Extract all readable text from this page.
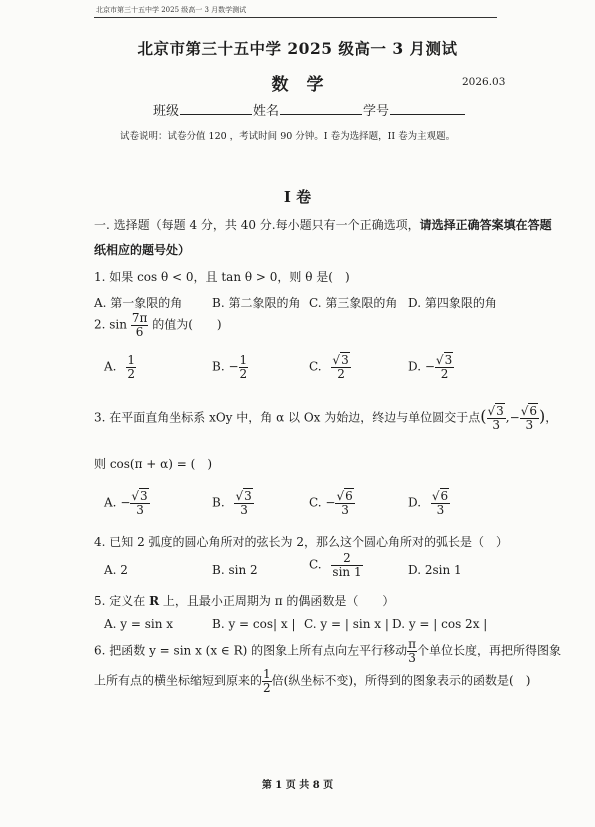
北京市第三十五中学 2025 级高一 3 月数学测试
北京市第三十五中学 2025 级高一 3 月测试
数学	2026.03
班级	姓名	学号
试卷说明：试卷分值 120 ，考试时间 90 分钟。I 卷为选择题，II 卷为主观题。
I 卷
一. 选择题（每题 4 分，共 40 分.每小题只有一个正确选项，请选择正确答案填在答题
纸相应的题号处）
1. 如果 cos θ < 0，且 tan θ > 0，则 θ 是(　)
A. 第一象限的角 B. 第二象限的角 C. 第三象限的角 D. 第四象限的角
2. $\sin \frac{7\pi}{6}$ 的值为(　　)
A. $\frac{1}{2}$	B. − $\frac{1}{2}$	C. $\frac{√3}{2}$	D. − $\frac{√3}{2}$
3. 在平面直角坐标系 xOy 中，角 α 以 Ox 为始边，终边与单位圆交于点( $\frac{√3}{3}$ ,− $\frac{√6}{3}$ )，
则 cos(π + α) = (　)
A. − $\frac{√3}{3}$	B. $\frac{√3}{3}$	C. − $\frac{√6}{3}$	D. $\frac{√6}{3}$
4. 已知 2 弧度的圆心角所对的弦长为 2，那么这个圆心角所对的弧长是（　）
A. 2	B. sin 2	C. $\frac{2}{\sin 1}$	D. 2sin 1
5. 定义在 R 上，且最小正周期为 π 的偶函数是（　　）
A. y = sin x	B. y = cos| x | C. y = | sin x | D. y = | cos 2x |
6. 把函数 y = sin x (x ∈ R) 的图象上所有点向左平行移动 $\frac{\pi}{3}$ 个单位长度，再把所得图象
上所有点的横坐标缩短到原来的 $\frac{1}{2}$ 倍(纵坐标不变)，所得到的图象表示的函数是(　)
第 1 页 共 8 页
